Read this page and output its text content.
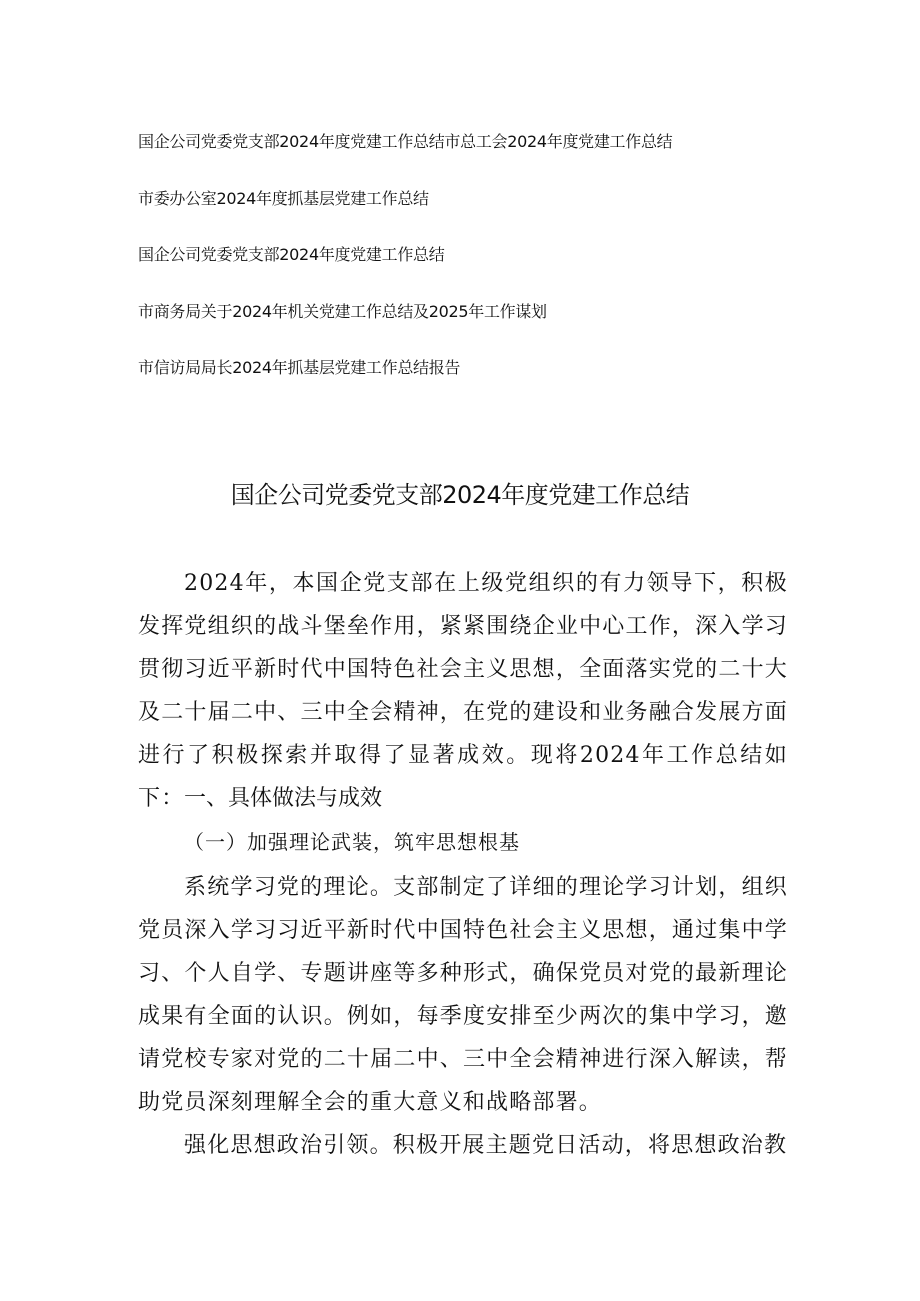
国企公司党委党支部2024年度党建工作总结市总工会2024年度党建工作总结
市委办公室2024年度抓基层党建工作总结
国企公司党委党支部2024年度党建工作总结
市商务局关于2024年机关党建工作总结及2025年工作谋划
市信访局局长2024年抓基层党建工作总结报告
国企公司党委党支部2024年度党建工作总结

2024年，本国企党支部在上级党组织的有力领导下，积极发挥党组织的战斗堡垒作用，紧紧围绕企业中心工作，深入学习贯彻习近平新时代中国特色社会主义思想，全面落实党的二十大及二十届二中、三中全会精神，在党的建设和业务融合发展方面进行了积极探索并取得了显著成效。现将2024年工作总结如下： 一、具体做法与成效
（一）加强理论武装，筑牢思想根基

系统学习党的理论。支部制定了详细的理论学习计划，组织党员深入学习习近平新时代中国特色社会主义思想，通过集中学习、个人自学、专题讲座等多种形式，确保党员对党的最新理论成果有全面的认识。例如，每季度安排至少两次的集中学习，邀请党校专家对党的二十届二中、三中全会精神进行深入解读，帮助党员深刻理解全会的重大意义和战略部署。

强化思想政治引领。积极开展主题党日活动，将思想政治教
